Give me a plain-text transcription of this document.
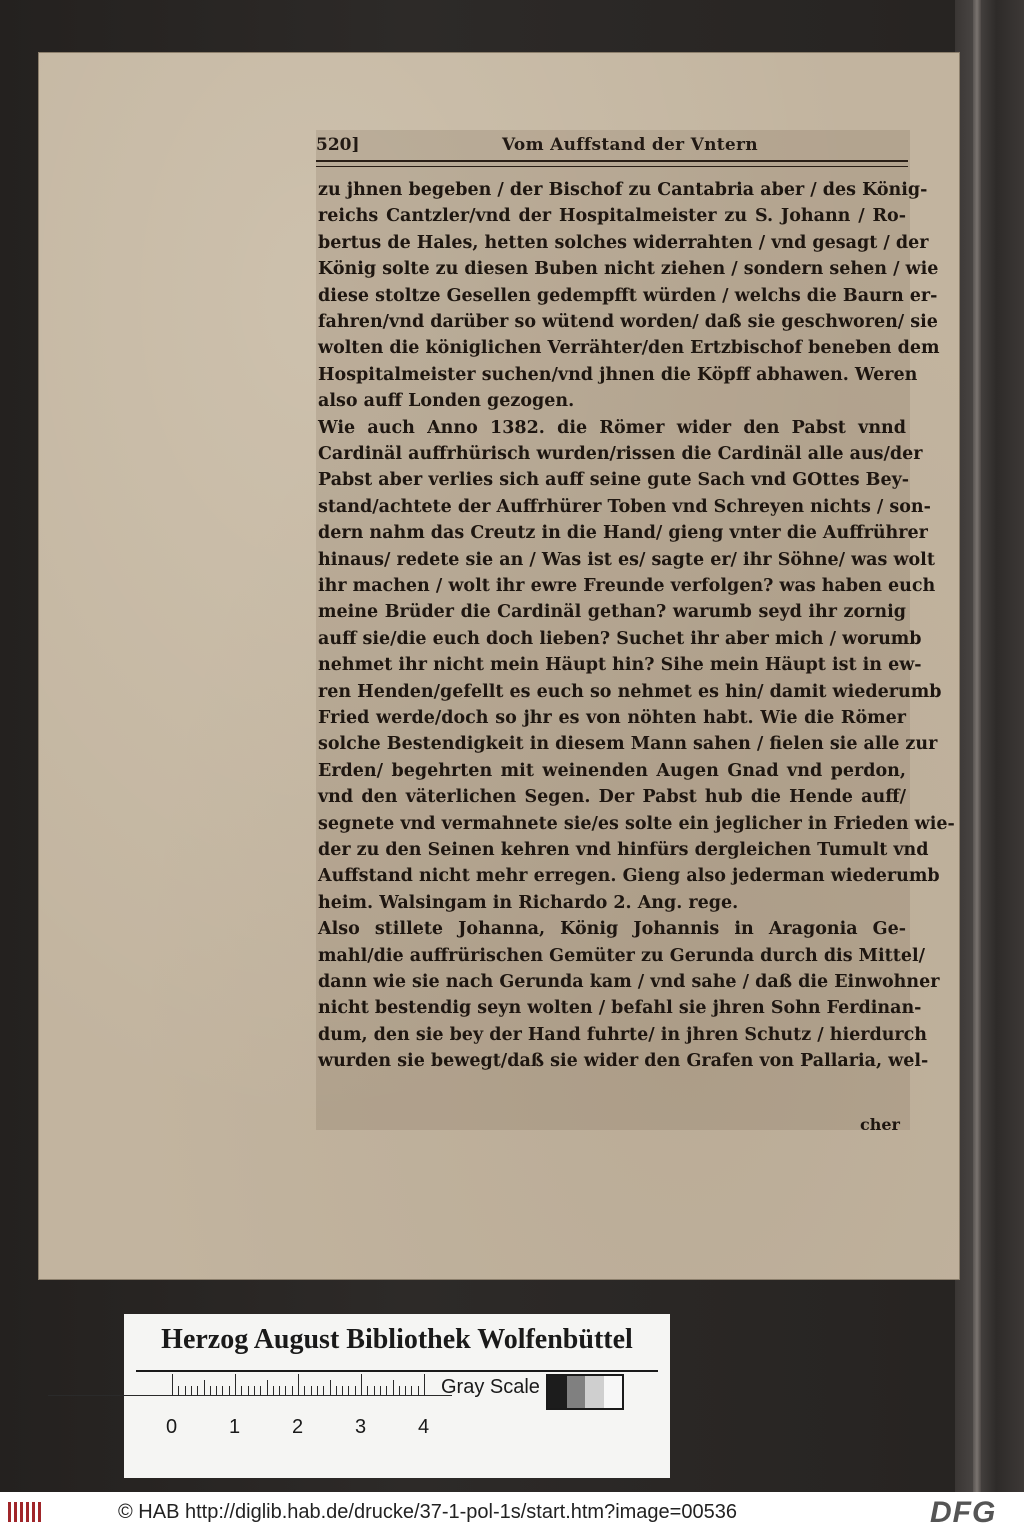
520]	Vom Auffstand der Vntern
zu jhnen begeben / der Bischof zu Cantabria aber / des König-
reichs Cantzler/vnd der Hospitalmeister zu S. Johann / Ro-
bertus de Hales, hetten solches widerrahten / vnd gesagt / der
König solte zu diesen Buben nicht ziehen / sondern sehen / wie
diese stoltze Gesellen gedempfft würden / welchs die Baurn er-
fahren/vnd darüber so wütend worden/ daß sie geschworen/ sie
wolten die königlichen Verrähter/den Ertzbischof beneben dem
Hospitalmeister suchen/vnd jhnen die Köpff abhawen. Weren
also auff Londen gezogen.
Wie auch Anno 1382. die Römer wider den Pabst vnnd
Cardinäl auffrhürisch wurden/rissen die Cardinäl alle aus/der
Pabst aber verlies sich auff seine gute Sach vnd GOttes Bey-
stand/achtete der Auffrhürer Toben vnd Schreyen nichts / son-
dern nahm das Creutz in die Hand/ gieng vnter die Auffrührer
hinaus/ redete sie an / Was ist es/ sagte er/ ihr Söhne/ was wolt
ihr machen / wolt ihr ewre Freunde verfolgen? was haben euch
meine Brüder die Cardinäl gethan? warumb seyd ihr zornig
auff sie/die euch doch lieben? Suchet ihr aber mich / worumb
nehmet ihr nicht mein Häupt hin? Sihe mein Häupt ist in ew-
ren Henden/gefellt es euch so nehmet es hin/ damit wiederumb
Fried werde/doch so jhr es von nöhten habt. Wie die Römer
solche Bestendigkeit in diesem Mann sahen / fielen sie alle zur
Erden/ begehrten mit weinenden Augen Gnad vnd perdon,
vnd den väterlichen Segen. Der Pabst hub die Hende auff/
segnete vnd vermahnete sie/es solte ein jeglicher in Frieden wie-
der zu den Seinen kehren vnd hinfürs dergleichen Tumult vnd
Auffstand nicht mehr erregen. Gieng also jederman wiederumb
heim. Walsingam in Richardo 2. Ang. rege.
Also stillete Johanna, König Johannis in Aragonia Ge-
mahl/die auffrürischen Gemüter zu Gerunda durch dis Mittel/
dann wie sie nach Gerunda kam / vnd sahe / daß die Einwohner
nicht bestendig seyn wolten / befahl sie jhren Sohn Ferdinan-
dum, den sie bey der Hand fuhrte/ in jhren Schutz / hierdurch
wurden sie bewegt/daß sie wider den Grafen von Pallaria, wel-
cher
Herzog August Bibliothek Wolfenbüttel
0	1	2	3	4
Gray Scale
© HAB http://diglib.hab.de/drucke/37-1-pol-1s/start.htm?image=00536	DFG
